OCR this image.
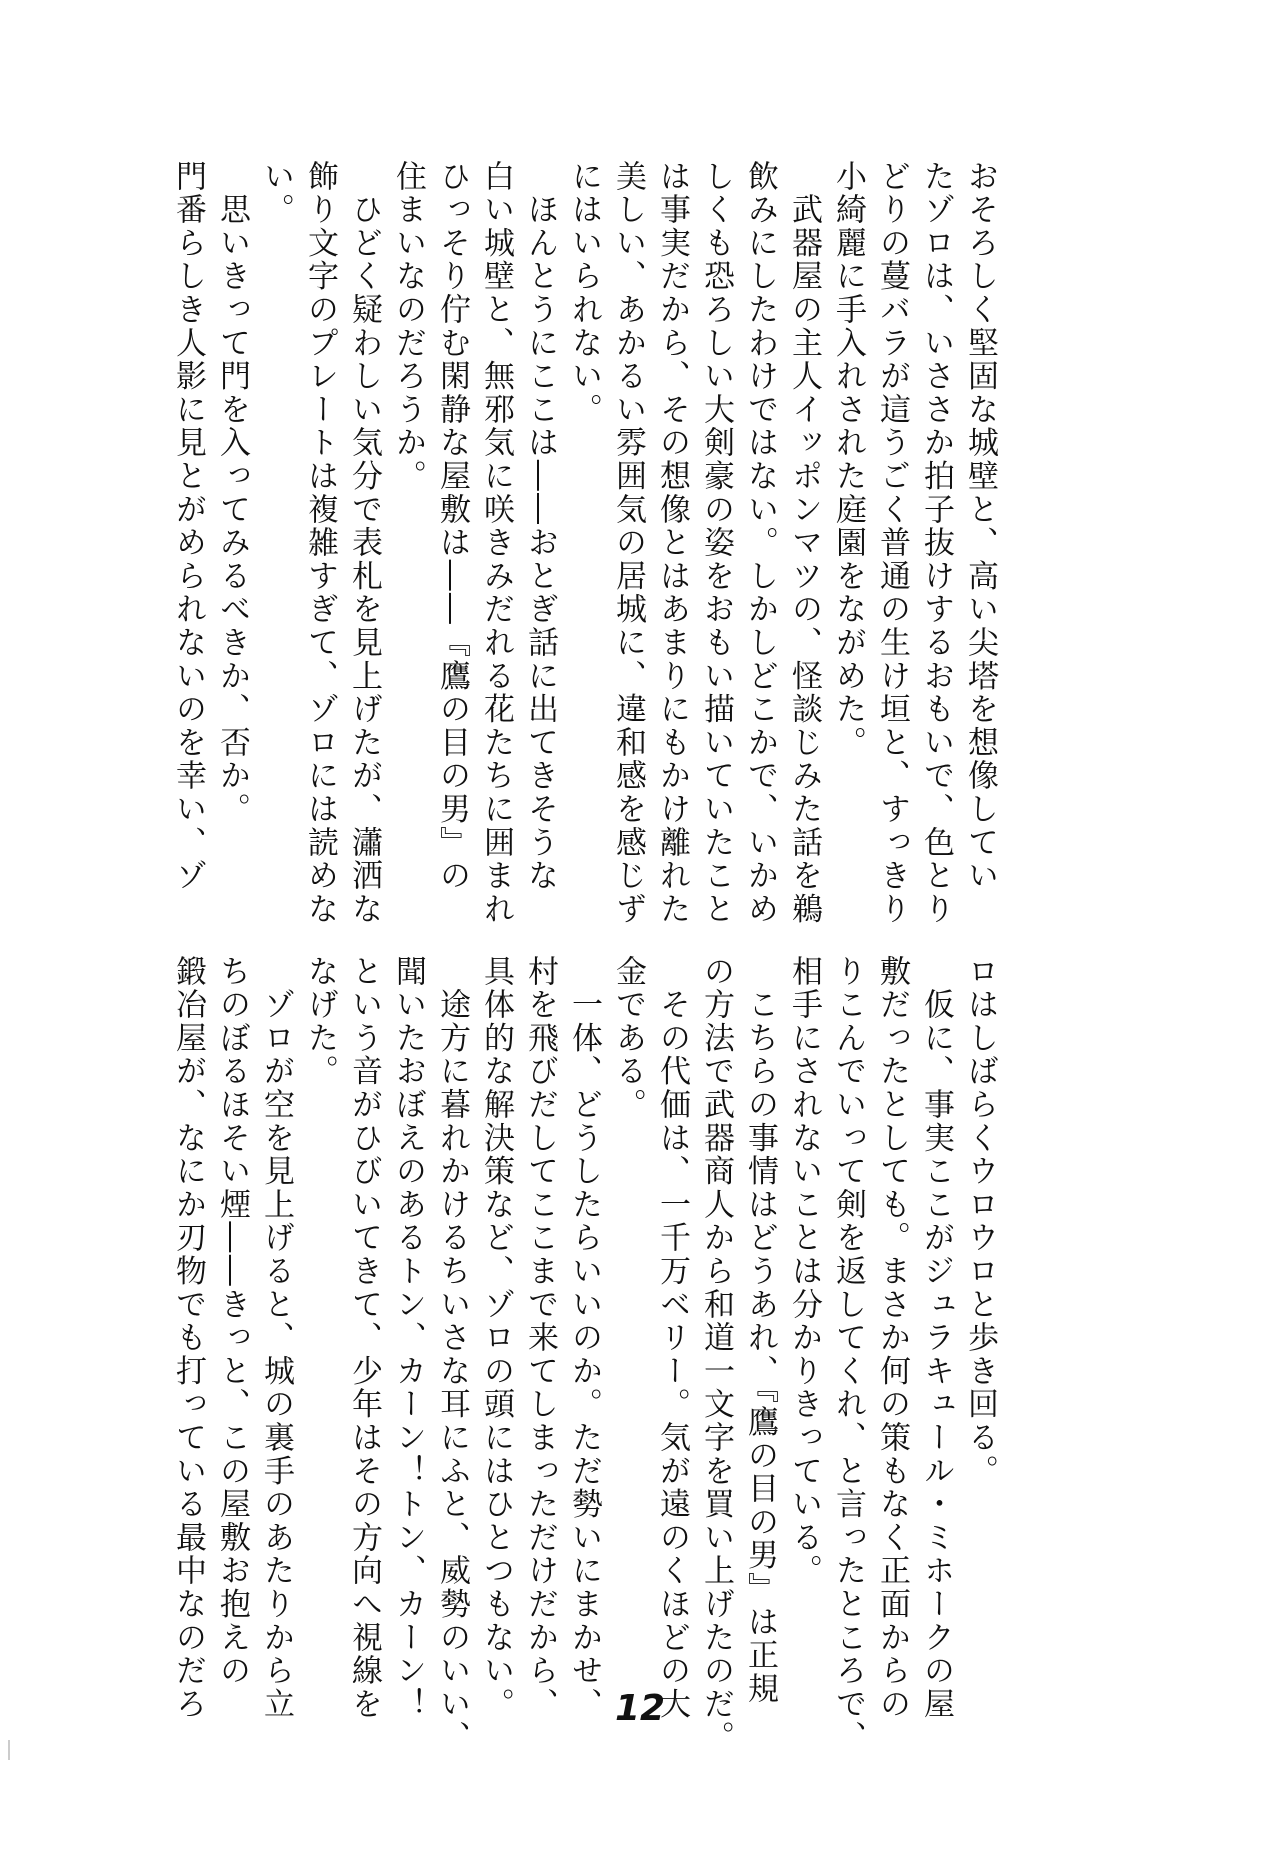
おそろしく堅固な城壁と、高い尖塔を想像してい
たゾロは、いささか拍子抜けするおもいで、色とり
どりの蔓バラが這うごく普通の生け垣と、すっきり
小綺麗に手入れされた庭園をながめた。
　武器屋の主人イッポンマツの、怪談じみた話を鵜
飲みにしたわけではない。しかしどこかで、いかめ
しくも恐ろしい大剣豪の姿をおもい描いていたこと
は事実だから、その想像とはあまりにもかけ離れた
美しい、あかるい雰囲気の居城に、違和感を感じず
にはいられない。
　ほんとうにここは――おとぎ話に出てきそうな
白い城壁と、無邪気に咲きみだれる花たちに囲まれ
ひっそり佇む閑静な屋敷は――『鷹の目の男』の
住まいなのだろうか。
　ひどく疑わしい気分で表札を見上げたが、瀟洒な
飾り文字のプレートは複雑すぎて、ゾロには読めな
い。
　思いきって門を入ってみるべきか、否か。
門番らしき人影に見とがめられないのを幸い、ゾ
ロはしばらくウロウロと歩き回る。
　仮に、事実ここがジュラキュール・ミホークの屋
敷だったとしても。まさか何の策もなく正面からの
りこんでいって剣を返してくれ、と言ったところで、
相手にされないことは分かりきっている。
　こちらの事情はどうあれ、『鷹の目の男』は正規
の方法で武器商人から和道一文字を買い上げたのだ。
　その代価は、一千万ベリー。気が遠のくほどの大
金である。
　一体、どうしたらいいのか。ただ勢いにまかせ、
村を飛びだしてここまで来てしまっただけだから、
具体的な解決策など、ゾロの頭にはひとつもない。
　途方に暮れかけるちいさな耳にふと、威勢のいい、
聞いたおぼえのあるトン、カーン！トン、カーン！
という音がひびいてきて、少年はその方向へ視線を
なげた。
　ゾロが空を見上げると、城の裏手のあたりから立
ちのぼるほそい煙――きっと、この屋敷お抱えの
鍛冶屋が、なにか刃物でも打っている最中なのだろ	12
